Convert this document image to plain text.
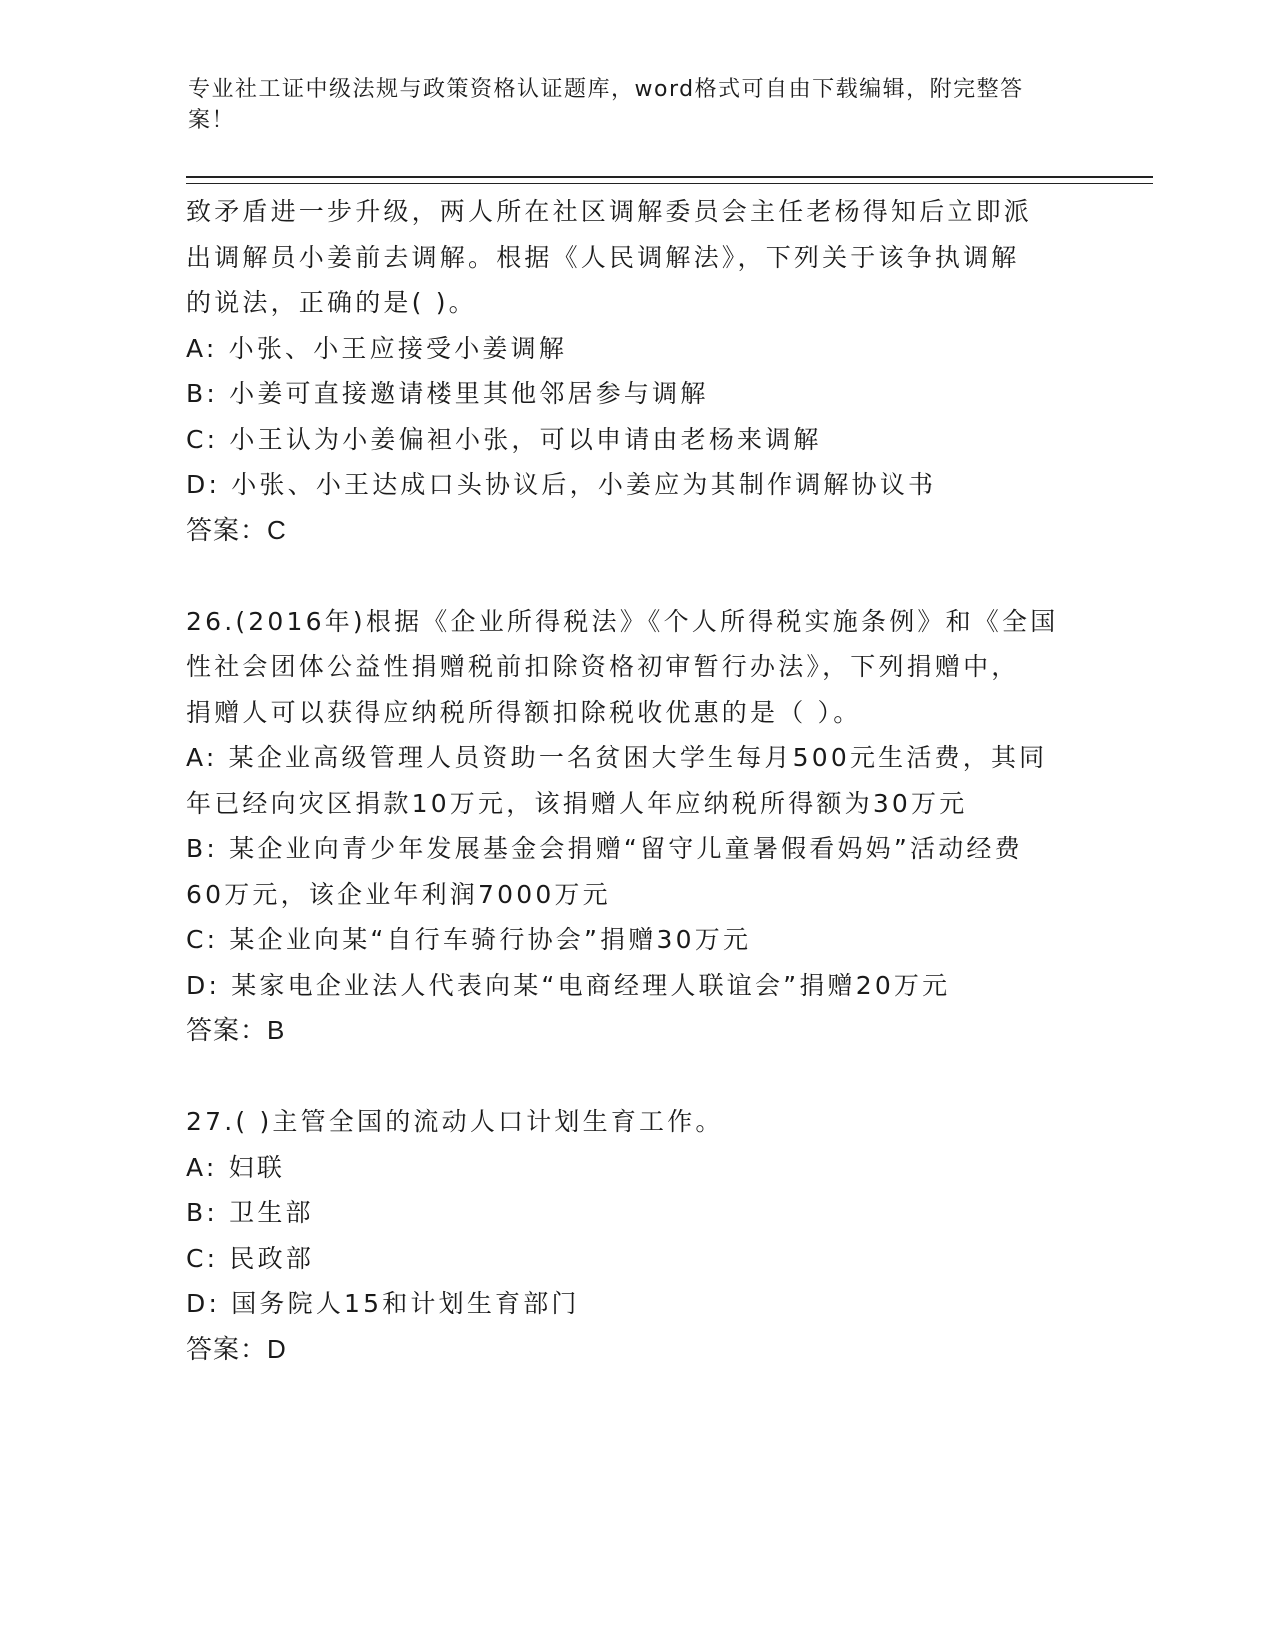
专业社工证中级法规与政策资格认证题库，word格式可自由下载编辑，附完整答
案！
致矛盾进一步升级，两人所在社区调解委员会主任老杨得知后立即派
出调解员小姜前去调解。根据《人民调解法》，下列关于该争执调解
的说法，正确的是( )。
A: 小张、小王应接受小姜调解
B: 小姜可直接邀请楼里其他邻居参与调解
C: 小王认为小姜偏袒小张，可以申请由老杨来调解
D: 小张、小王达成口头协议后，小姜应为其制作调解协议书
答案：C
26.(2016年)根据《企业所得税法》《个人所得税实施条例》和《全国
性社会团体公益性捐赠税前扣除资格初审暂行办法》，下列捐赠中，
捐赠人可以获得应纳税所得额扣除税收优惠的是（ ）。
A: 某企业高级管理人员资助一名贫困大学生每月500元生活费，其同
年已经向灾区捐款10万元，该捐赠人年应纳税所得额为30万元
B: 某企业向青少年发展基金会捐赠“留守儿童暑假看妈妈”活动经费
60万元，该企业年利润7000万元
C: 某企业向某“自行车骑行协会”捐赠30万元
D: 某家电企业法人代表向某“电商经理人联谊会”捐赠20万元
答案：B
27.( )主管全国的流动人口计划生育工作。
A: 妇联
B: 卫生部
C: 民政部
D: 国务院人15和计划生育部门
答案：D
